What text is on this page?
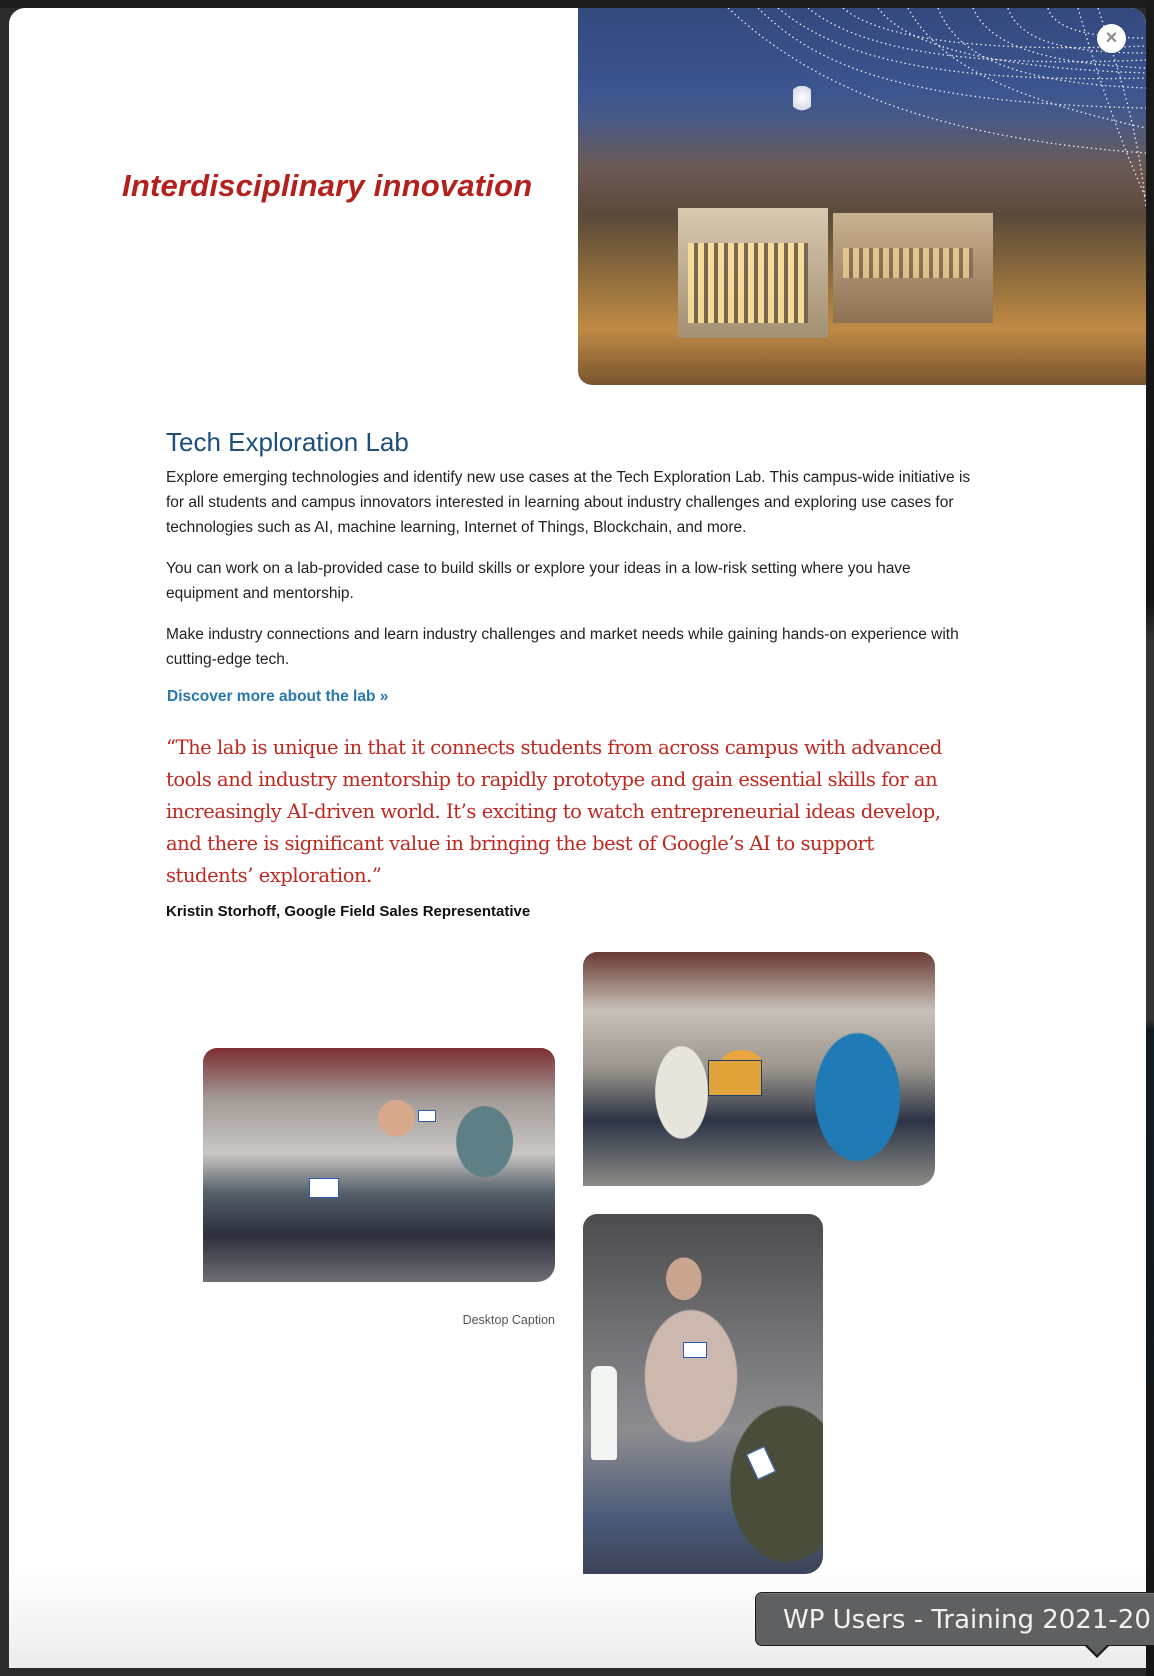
Interdisciplinary innovation
×
Tech Exploration Lab

Explore emerging technologies and identify new use cases at the Tech Exploration Lab. This campus-wide initiative is for all students and campus innovators interested in learning about industry challenges and exploring use cases for technologies such as AI, machine learning, Internet of Things, Blockchain, and more.

You can work on a lab-provided case to build skills or explore your ideas in a low-risk setting where you have equipment and mentorship.

Make industry connections and learn industry challenges and market needs while gaining hands-on experience with cutting-edge tech.

Discover more about the lab »

“The lab is unique in that it connects students from across campus with advanced tools and industry mentorship to rapidly prototype and gain essential skills for an increasingly AI-driven world. It’s exciting to watch entrepreneurial ideas develop, and there is significant value in bringing the best of Google’s AI to support students’ exploration.”

Kristin Storhoff, Google Field Sales Representative

Desktop Caption
WP Users - Training 2021-20
